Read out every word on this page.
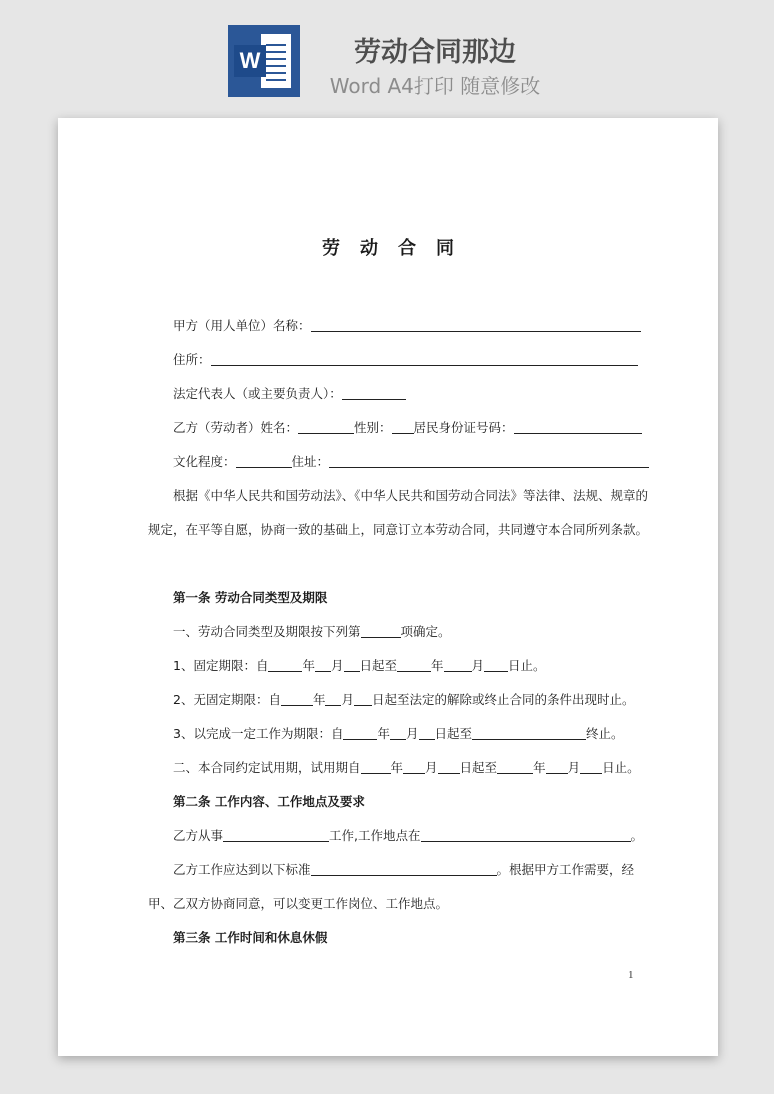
W	劳动合同那边
Word A4打印 随意修改
劳动合同
甲方（用人单位）名称：
住所：
法定代表人（或主要负责人）：
乙方（劳动者）姓名：	性别： 居民身份证号码：
文化程度：	住址：
根据《中华人民共和国劳动法》、《中华人民共和国劳动合同法》等法律、法规、规章的
规定，在平等自愿，协商一致的基础上，同意订立本劳动合同，共同遵守本合同所列条款。
第一条 劳动合同类型及期限
一、劳动合同类型及期限按下列第	项确定。
1、固定期限：自	年 月 日起至	年 月 日止。
2、无固定期限：自	年 月 日起至法定的解除或终止合同的条件出现时止。
3、以完成一定工作为期限：自	年 月 日起至	终止。
二、本合同约定试用期，试用期自 年 月 日起至	年 月 日止。
第二条 工作内容、工作地点及要求
乙方从事	工作,工作地点在	。
乙方工作应达到以下标准	。根据甲方工作需要，经
甲、乙双方协商同意，可以变更工作岗位、工作地点。
第三条 工作时间和休息休假
1
